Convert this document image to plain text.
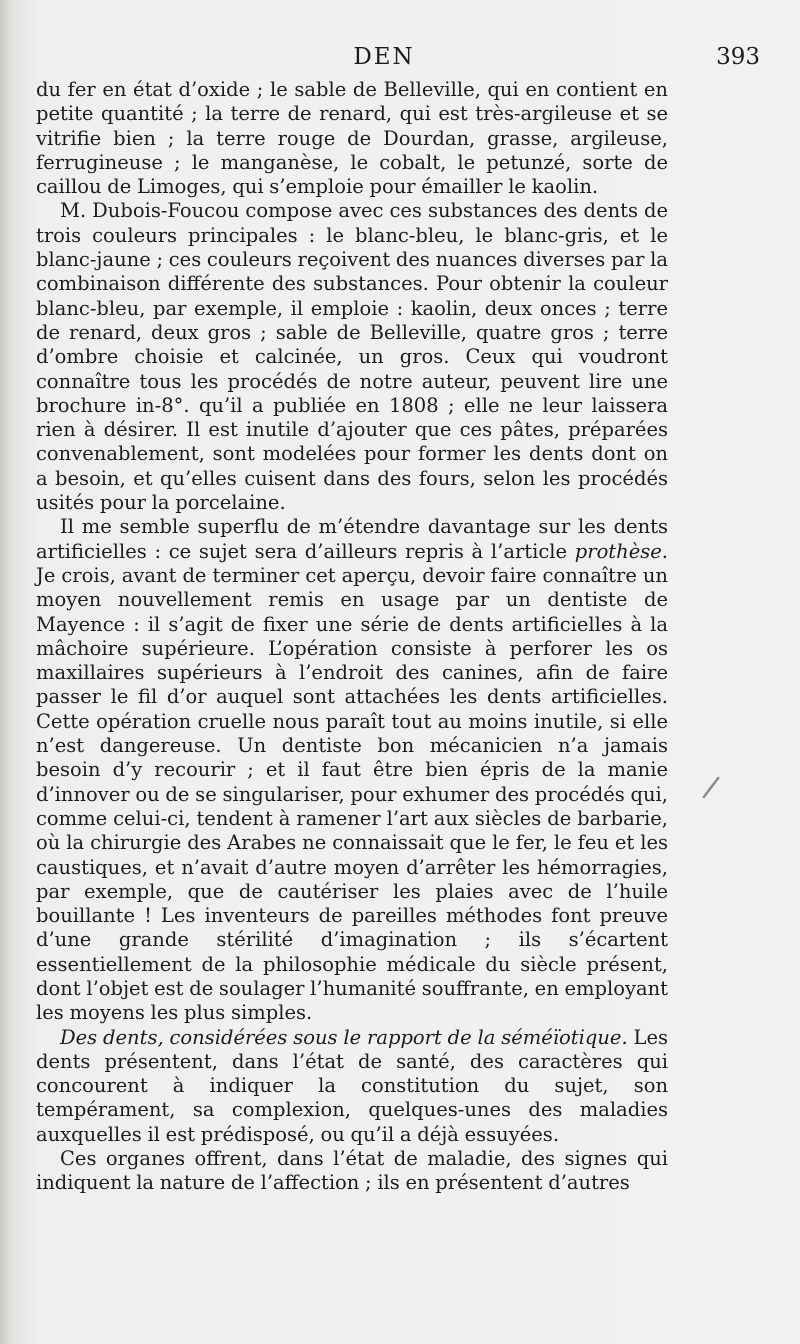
DEN	393

du fer en état d’oxide ; le sable de Belleville, qui en contient en petite quantité ; la terre de renard, qui est très-argileuse et se vitrifie bien ; la terre rouge de Dourdan, grasse, argileuse, ferrugineuse ; le manganèse, le cobalt, le petunzé, sorte de caillou de Limoges, qui s’emploie pour émailler le kaolin.

M. Dubois-Foucou compose avec ces substances des dents de trois couleurs principales : le blanc-bleu, le blanc-gris, et le blanc-jaune ; ces couleurs reçoivent des nuances diverses par la combinaison différente des substances. Pour obtenir la couleur blanc-bleu, par exemple, il emploie : kaolin, deux onces ; terre de renard, deux gros ; sable de Belleville, quatre gros ; terre d’ombre choisie et calcinée, un gros. Ceux qui voudront connaître tous les procédés de notre auteur, peuvent lire une brochure in-8°. qu’il a publiée en 1808 ; elle ne leur laissera rien à désirer. Il est inutile d’ajouter que ces pâtes, préparées convenablement, sont modelées pour former les dents dont on a besoin, et qu’elles cuisent dans des fours, selon les procédés usités pour la porcelaine.

Il me semble superflu de m’étendre davantage sur les dents artificielles : ce sujet sera d’ailleurs repris à l’article prothèse. Je crois, avant de terminer cet aperçu, devoir faire connaître un moyen nouvellement remis en usage par un dentiste de Mayence : il s’agit de fixer une série de dents artificielles à la mâchoire supérieure. L’opération consiste à perforer les os maxillaires supérieurs à l’endroit des canines, afin de faire passer le fil d’or auquel sont attachées les dents artificielles. Cette opération cruelle nous paraît tout au moins inutile, si elle n’est dangereuse. Un dentiste bon mécanicien n’a jamais besoin d’y recourir ; et il faut être bien épris de la manie d’innover ou de se singulariser, pour exhumer des procédés qui, comme celui-ci, tendent à ramener l’art aux siècles de barbarie, où la chirurgie des Arabes ne connaissait que le fer, le feu et les caustiques, et n’avait d’autre moyen d’arrêter les hémorragies, par exemple, que de cautériser les plaies avec de l’huile bouillante ! Les inventeurs de pareilles méthodes font preuve d’une grande stérilité d’imagination ; ils s’écartent essentiellement de la philosophie médicale du siècle présent, dont l’objet est de soulager l’humanité souffrante, en employant les moyens les plus simples.

Des dents, considérées sous le rapport de la séméïotique. Les dents présentent, dans l’état de santé, des caractères qui concourent à indiquer la constitution du sujet, son tempérament, sa complexion, quelques-unes des maladies auxquelles il est prédisposé, ou qu’il a déjà essuyées.

Ces organes offrent, dans l’état de maladie, des signes qui indiquent la nature de l’affection ; ils en présentent d’autres

/
